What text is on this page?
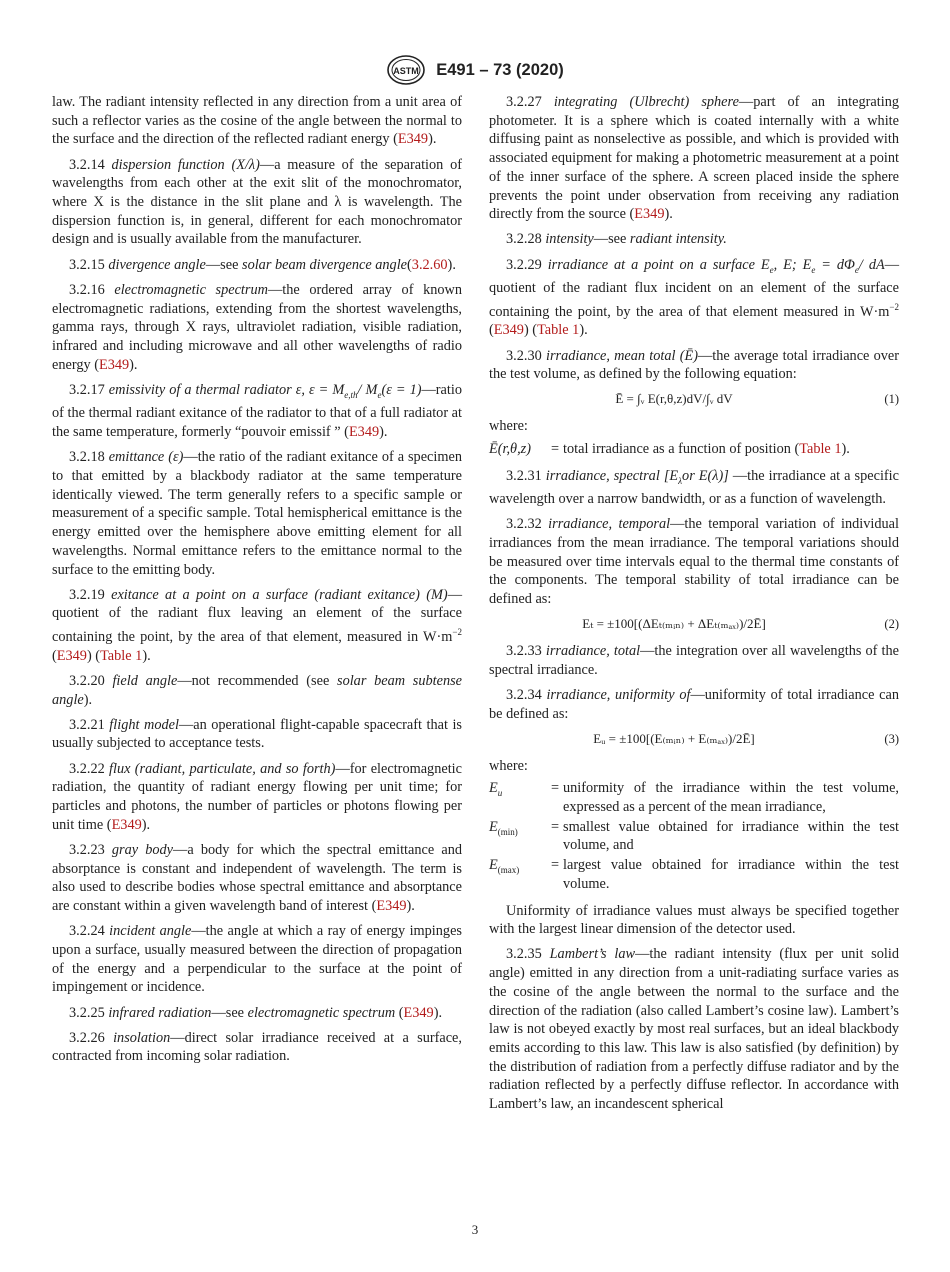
ASTM E491 – 73 (2020)

law. The radiant intensity reflected in any direction from a unit area of such a reflector varies as the cosine of the angle between the normal to the surface and the direction of the reflected radiant energy (E349).

3.2.14 dispersion function (X/λ)—a measure of the separation of wavelengths from each other at the exit slit of the monochromator, where X is the distance in the slit plane and λ is wavelength. The dispersion function is, in general, different for each monochromator design and is usually available from the manufacturer.

3.2.15 divergence angle—see solar beam divergence angle(3.2.60).

3.2.16 electromagnetic spectrum—the ordered array of known electromagnetic radiations, extending from the shortest wavelengths, gamma rays, through X rays, ultraviolet radiation, visible radiation, infrared and including microwave and all other wavelengths of radio energy (E349).

3.2.17 emissivity of a thermal radiator ε, $\varepsilon = M_{e,th}/$ $M_e(\varepsilon$ = 1)—ratio of the thermal radiant exitance of the radiator to that of a full radiator at the same temperature, formerly “pouvoir emissif ” (E349).

3.2.18 emittance (ε)—the ratio of the radiant exitance of a specimen to that emitted by a blackbody radiator at the same temperature identically viewed. The term generally refers to a specific sample or measurement of a specific sample. Total hemispherical emittance is the energy emitted over the hemisphere above emitting element for all wavelengths. Normal emittance refers to the emittance normal to the surface to the emitting body.

3.2.19 exitance at a point on a surface (radiant exitance) (M)—quotient of the radiant flux leaving an element of the surface containing the point, by the area of that element, measured in $W\cdot m^{-2}$ (E349) (Table 1).

3.2.20 field angle—not recommended (see solar beam subtense angle).

3.2.21 flight model—an operational flight-capable spacecraft that is usually subjected to acceptance tests.

3.2.22 flux (radiant, particulate, and so forth)—for electromagnetic radiation, the quantity of radiant energy flowing per unit time; for particles and photons, the number of particles or photons flowing per unit time (E349).

3.2.23 gray body—a body for which the spectral emittance and absorptance is constant and independent of wavelength. The term is also used to describe bodies whose spectral emittance and absorptance are constant within a given wavelength band of interest (E349).

3.2.24 incident angle—the angle at which a ray of energy impinges upon a surface, usually measured between the direction of propagation of the energy and a perpendicular to the surface at the point of impingement or incidence.

3.2.25 infrared radiation—see electromagnetic spectrum (E349).

3.2.26 insolation—direct solar irradiance received at a surface, contracted from incoming solar radiation.

3.2.27 integrating (Ulbrecht) sphere—part of an integrating photometer. It is a sphere which is coated internally with a white diffusing paint as nonselective as possible, and which is provided with associated equipment for making a photometric measurement at a point of the inner surface of the sphere. A screen placed inside the sphere prevents the point under observation from receiving any radiation directly from the source (E349).

3.2.28 intensity—see radiant intensity.

3.2.29 irradiance at a point on a surface $E_e$, E; $E_e = d\Phi_e/$ dA—quotient of the radiant flux incident on an element of the surface containing the point, by the area of that element measured in $W\cdot m^{-2}$ (E349) (Table 1).

3.2.30 irradiance, mean total (Ē)—the average total irradiance over the test volume, as defined by the following equation:

Ē = ∫ᵥ E(r,θ,z)dV/∫ᵥ dV	(1)

where:

Ē(r,θ,z)	= total irradiance as a function of position (Table 1).

3.2.31 irradiance, spectral [$E_\lambda or$ E(λ)] —the irradiance at a specific wavelength over a narrow bandwidth, or as a function of wavelength.

3.2.32 irradiance, temporal—the temporal variation of individual irradiances from the mean irradiance. The temporal variations should be measured over time intervals equal to the thermal time constants of the components. The temporal stability of total irradiance can be defined as:

Eₜ = ±100[(ΔEₜ₍ₘᵢₙ₎ + ΔEₜ₍ₘₐₓ₎)/2Ē]	(2)

3.2.33 irradiance, total—the integration over all wavelengths of the spectral irradiance.

3.2.34 irradiance, uniformity of—uniformity of total irradiance can be defined as:

Eᵤ = ±100[(E₍ₘᵢₙ₎ + E₍ₘₐₓ₎)/2Ē]	(3)

where:

$E_u$	= uniformity of the irradiance within the test volume, expressed as a percent of the mean irradiance,
$E_{(min)}$	= smallest value obtained for irradiance within the test volume, and
$E_{(max)}$	= largest value obtained for irradiance within the test volume.

Uniformity of irradiance values must always be specified together with the largest linear dimension of the detector used.

3.2.35 Lambert’s law—the radiant intensity (flux per unit solid angle) emitted in any direction from a unit-radiating surface varies as the cosine of the angle between the normal to the surface and the direction of the radiation (also called Lambert’s cosine law). Lambert’s law is not obeyed exactly by most real surfaces, but an ideal blackbody emits according to this law. This law is also satisfied (by definition) by the distribution of radiation from a perfectly diffuse radiator and by the radiation reflected by a perfectly diffuse reflector. In accordance with Lambert’s law, an incandescent spherical

3
